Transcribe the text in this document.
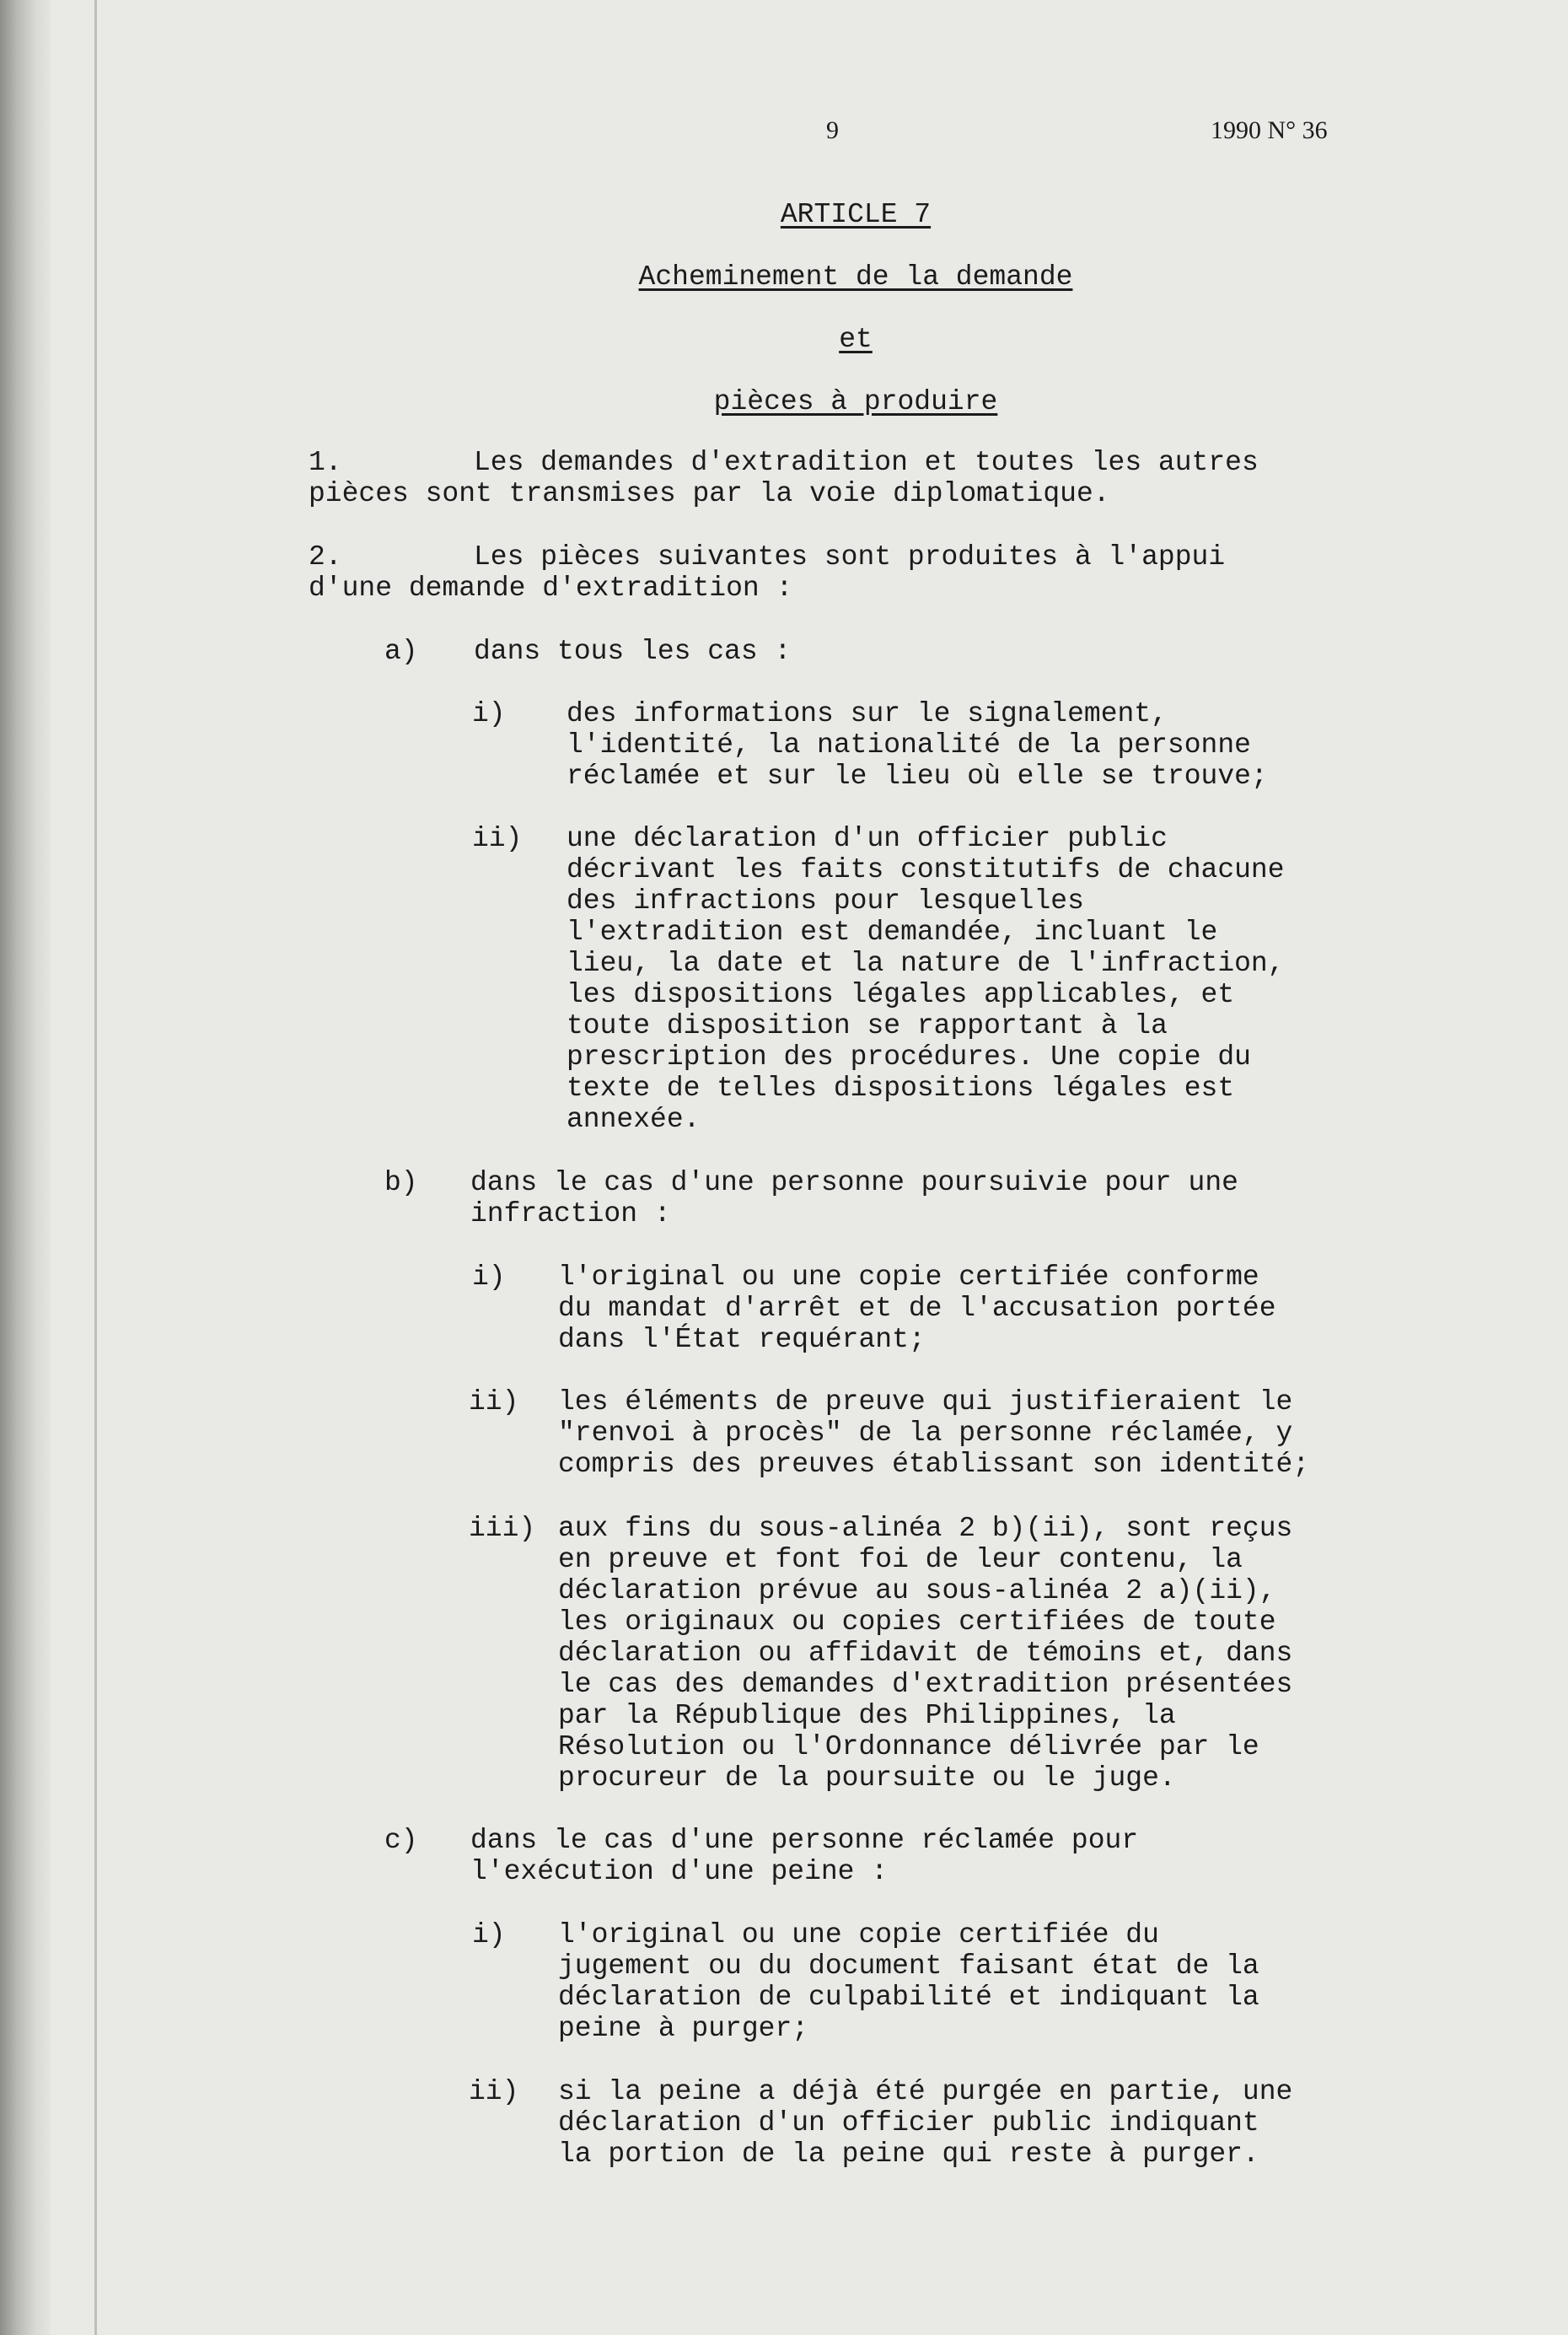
9	1990 N° 36
ARTICLE 7
Acheminement de la demande
et
pièces à produire
1.	Les demandes d'extradition et toutes les autres
pièces sont transmises par la voie diplomatique.
2.	Les pièces suivantes sont produites à l'appui
d'une demande d'extradition :
a) dans tous les cas :
i) des informations sur le signalement,
l'identité, la nationalité de la personne
réclamée et sur le lieu où elle se trouve;
ii) une déclaration d'un officier public
décrivant les faits constitutifs de chacune
des infractions pour lesquelles
l'extradition est demandée, incluant le
lieu, la date et la nature de l'infraction,
les dispositions légales applicables, et
toute disposition se rapportant à la
prescription des procédures. Une copie du
texte de telles dispositions légales est
annexée.
b) dans le cas d'une personne poursuivie pour une
infraction :
i) l'original ou une copie certifiée conforme
du mandat d'arrêt et de l'accusation portée
dans l'État requérant;
ii) les éléments de preuve qui justifieraient le
"renvoi à procès" de la personne réclamée, y
compris des preuves établissant son identité;
iii) aux fins du sous-alinéa 2 b)(ii), sont reçus
en preuve et font foi de leur contenu, la
déclaration prévue au sous-alinéa 2 a)(ii),
les originaux ou copies certifiées de toute
déclaration ou affidavit de témoins et, dans
le cas des demandes d'extradition présentées
par la République des Philippines, la
Résolution ou l'Ordonnance délivrée par le
procureur de la poursuite ou le juge.
c) dans le cas d'une personne réclamée pour
l'exécution d'une peine :
i) l'original ou une copie certifiée du
jugement ou du document faisant état de la
déclaration de culpabilité et indiquant la
peine à purger;
ii) si la peine a déjà été purgée en partie, une
déclaration d'un officier public indiquant
la portion de la peine qui reste à purger.
